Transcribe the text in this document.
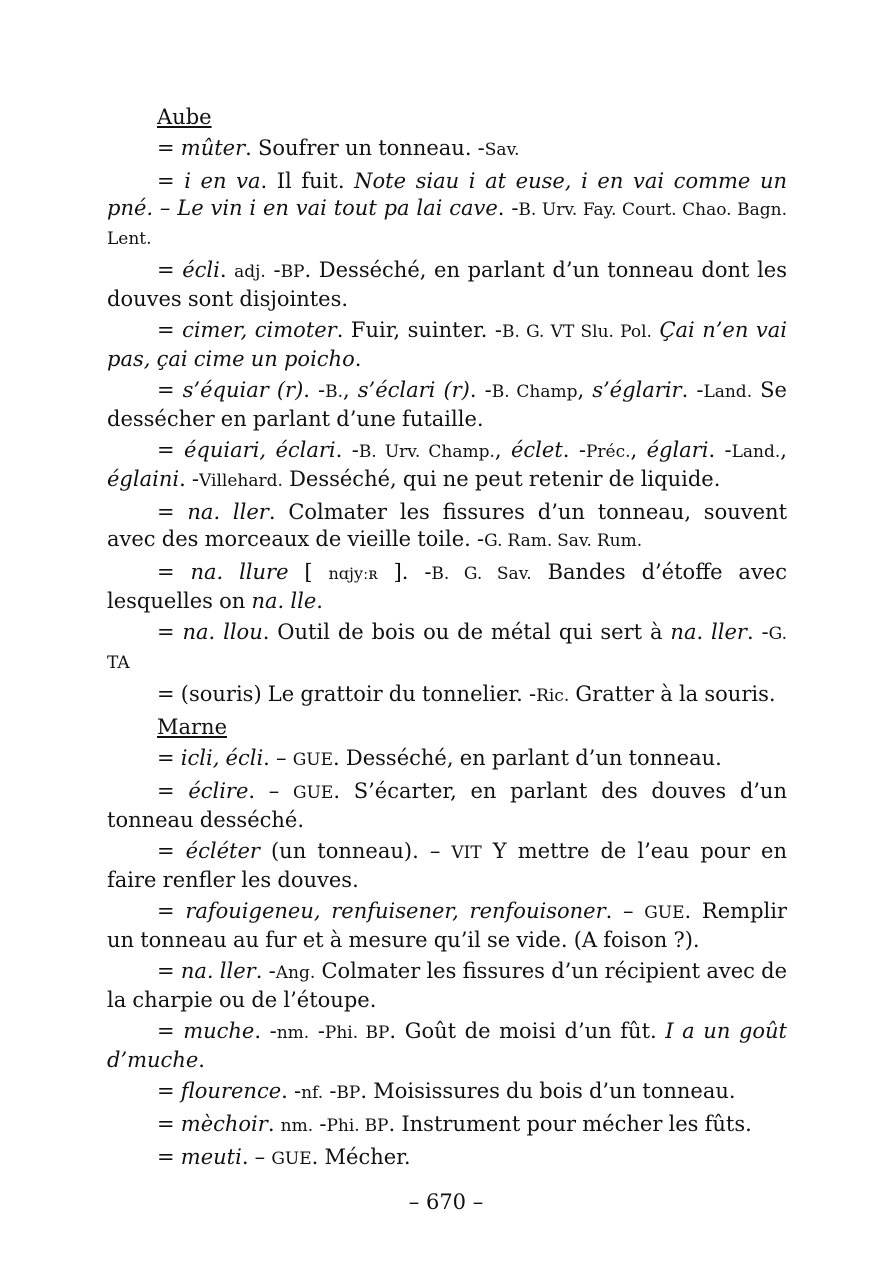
Aube

= mûter. Soufrer un tonneau. -Sav.

= i en va. Il fuit. Note siau i at euse, i en vai comme un pné. – Le vin i en vai tout pa lai cave. -B. Urv. Fay. Court. Chao. Bagn. Lent.

= écli. adj. -BP. Desséché, en parlant d’un tonneau dont les douves sont disjointes.

= cimer, cimoter. Fuir, suinter. -B. G. VT Slu. Pol. Çai n’en vai pas, çai cime un poicho.

= s’équiar (r). -B., s’éclari (r). -B. Champ, s’églarir. -Land. Se dessécher en parlant d’une futaille.

= équiari, éclari. -B. Urv. Champ., éclet. -Préc., églari. -Land., églaini. -Villehard. Desséché, qui ne peut retenir de liquide.

= na. ller. Colmater les fissures d’un tonneau, souvent avec des morceaux de vieille toile. -G. Ram. Sav. Rum.

= na. llure [ nɑjyːʀ ]. -B. G. Sav. Bandes d’étoffe avec lesquelles on na. lle.

= na. llou. Outil de bois ou de métal qui sert à na. ller. -G. TA

= (souris) Le grattoir du tonnelier. -Ric. Gratter à la souris.

Marne

= icli, écli. – GUE. Desséché, en parlant d’un tonneau.

= éclire. – GUE. S’écarter, en parlant des douves d’un tonneau desséché.

= écléter (un tonneau). – VIT Y mettre de l’eau pour en faire renfler les douves.

= rafouigeneu, renfuisener, renfouisoner. – GUE. Remplir un tonneau au fur et à mesure qu’il se vide. (A foison ?).

= na. ller. -Ang. Colmater les fissures d’un récipient avec de la charpie ou de l’étoupe.

= muche. -nm. -Phi. BP. Goût de moisi d’un fût. I a un goût d’muche.

= flourence. -nf. -BP. Moisissures du bois d’un tonneau.

= mèchoir. nm. -Phi. BP. Instrument pour mécher les fûts.

= meuti. – GUE. Mécher.

– 670 –
